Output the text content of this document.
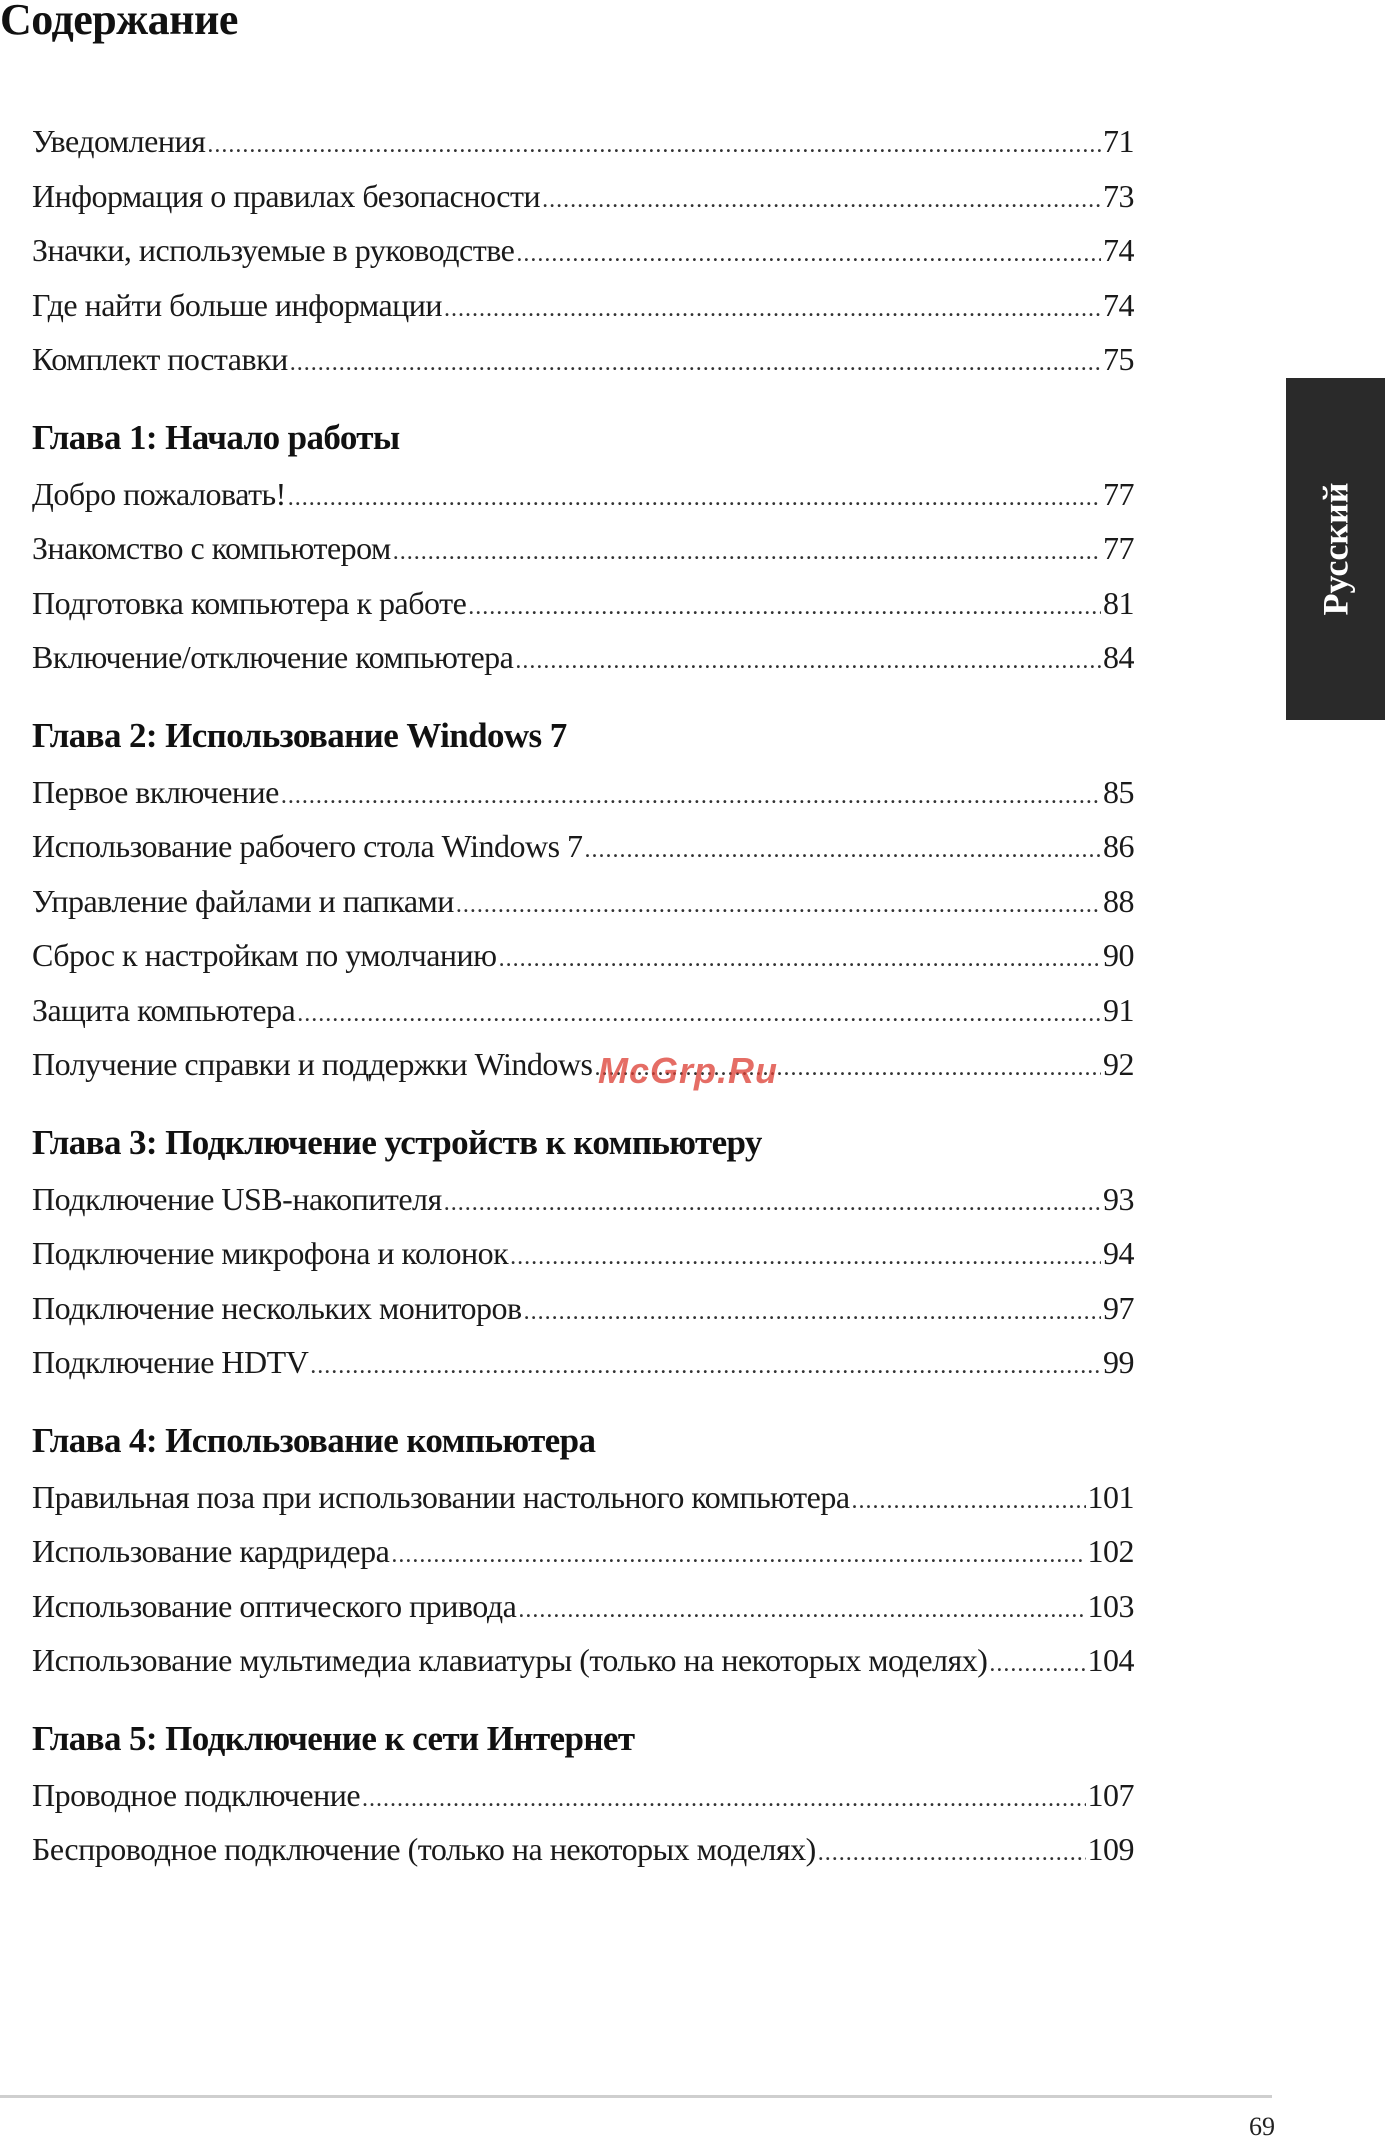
Содержание
Уведомления .....	71
Информация о правилах безопасности .....	73
Значки, используемые в руководстве .....	74
Где найти больше информации .....	74
Комплект поставки .....	75
Глава 1: Начало работы
Добро пожаловать! .....	77
Знакомство с компьютером .....	77
Подготовка компьютера к работе .....	81
Включение/отключение компьютера .....	84
Глава 2: Использование Windows 7
Первое включение .....	85
Использование рабочего стола Windows 7 .....	86
Управление файлами и папками .....	88
Сброс к настройкам по умолчанию .....	90
Защита компьютера .....	91
Получение справки и поддержки Windows .....	92
Глава 3: Подключение устройств к компьютеру
Подключение USB-накопителя .....	93
Подключение микрофона и колонок .....	94
Подключение нескольких мониторов .....	97
Подключение HDTV .....	99
Глава 4: Использование компьютера
Правильная поза при использовании настольного компьютера .....	101
Использование кардридера .....	102
Использование оптического привода .....	103
Использование мультимедиа клавиатуры (только на некоторых моделях) .....	104
Глава 5: Подключение к сети Интернет
Проводное подключение .....	107
Беспроводное подключение (только на некоторых моделях) .....	109
Русский
McGrp.Ru
69
